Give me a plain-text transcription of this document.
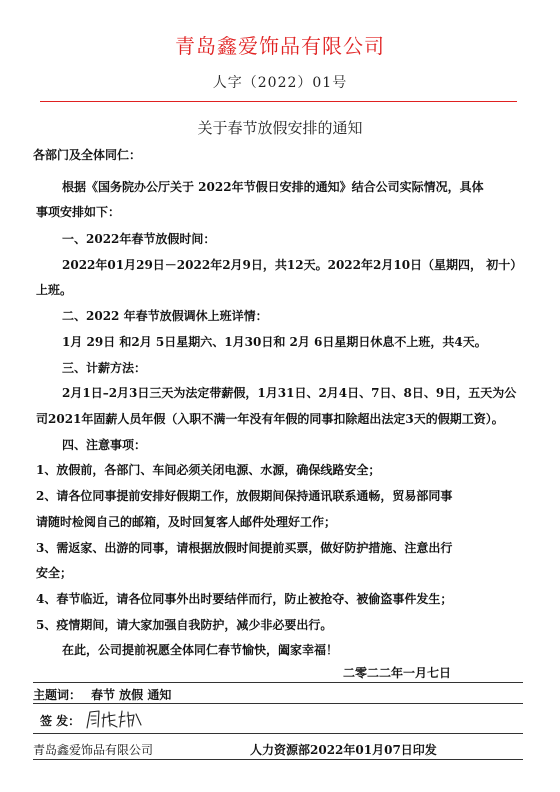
青岛鑫爱饰品有限公司
人字（2022）01号
关于春节放假安排的通知
各部门及全体同仁：
根据《国务院办公厅关于 2022年节假日安排的通知》结合公司实际情况，具体
事项安排如下：
一、2022年春节放假时间：
2022年01月29日－2022年2月9日，共12天。2022年2月10日（星期四， 初十）
上班。
二、2022 年春节放假调休上班详情：
1月 29日 和2月 5日星期六、1月30日和 2月 6日星期日休息不上班，共4天。
三、计薪方法：
2月1日–2月3日三天为法定带薪假，1月31日、2月4日、7日、8日、9日，五天为公
司2021年固薪人员年假（入职不满一年没有年假的同事扣除超出法定3天的假期工资）。
四、注意事项：
1、放假前，各部门、车间必须关闭电源、水源，确保线路安全；
2、请各位同事提前安排好假期工作，放假期间保持通讯联系通畅，贸易部同事
请随时检阅自己的邮箱，及时回复客人邮件处理好工作；
3、需返家、出游的同事，请根据放假时间提前买票，做好防护措施、注意出行
安全；
4、春节临近，请各位同事外出时要结伴而行，防止被抢夺、被偷盗事件发生；
5、疫情期间，请大家加强自我防护，减少非必要出行。
在此，公司提前祝愿全体同仁春节愉快，阖家幸福！
二零二二年一月七日
主题词： 春节 放假 通知
签 发：
青岛鑫爱饰品有限公司	人力资源部2022年01月07日印发
